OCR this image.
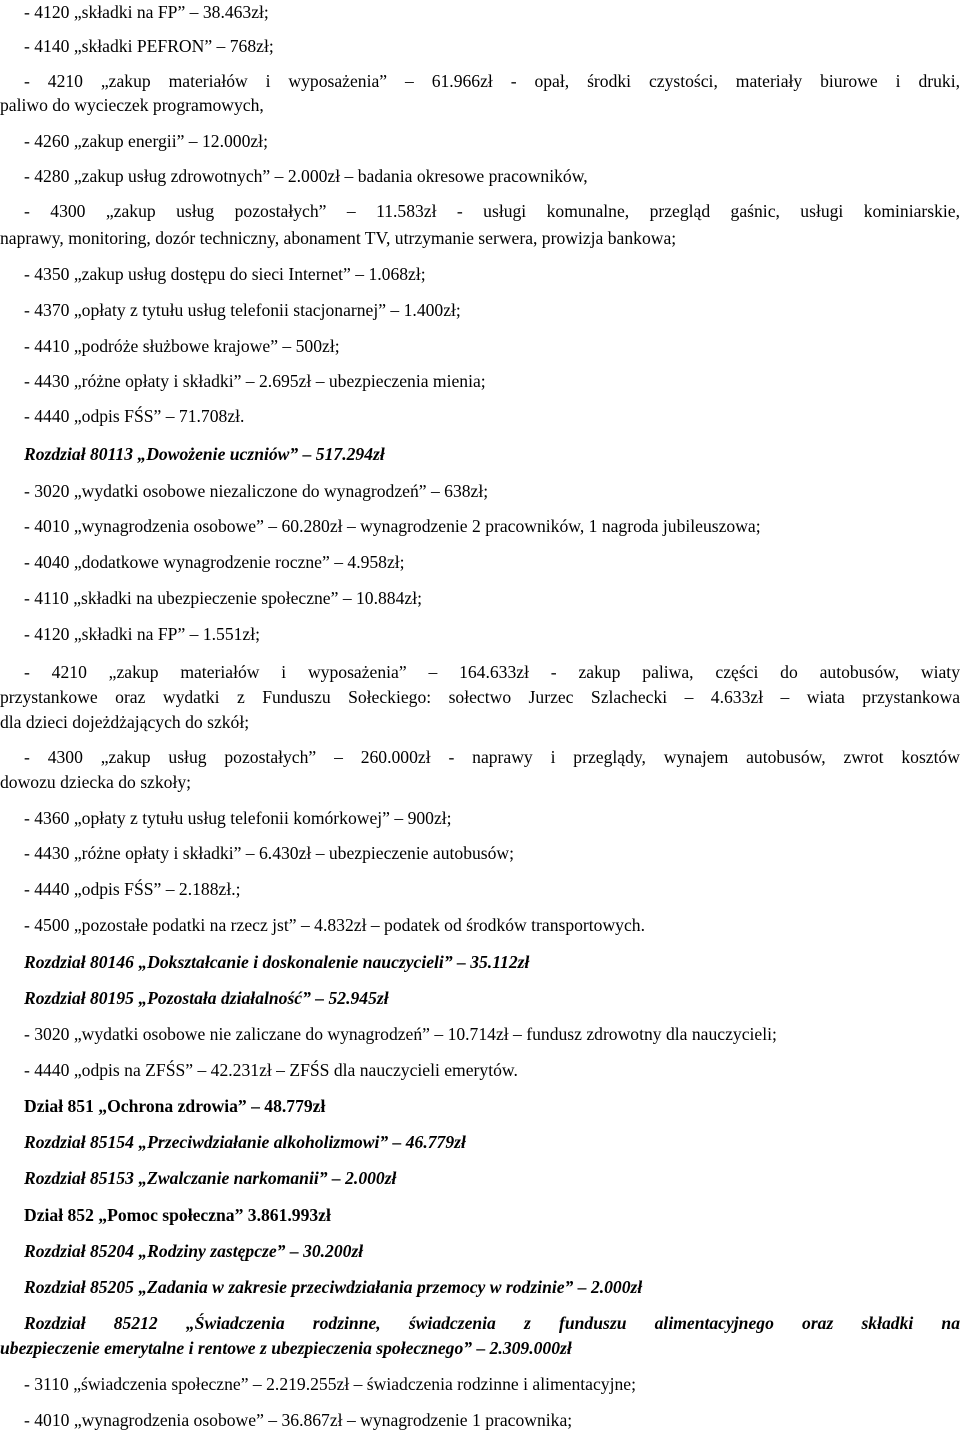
- 4120 „składki na FP” – 38.463zł;

- 4140 „składki PEFRON” – 768zł;

- 4210 „zakup materiałów i wyposażenia” – 61.966zł - opał, środki czystości, materiały biurowe i druki,

paliwo do wycieczek programowych,

- 4260 „zakup energii” – 12.000zł;

- 4280 „zakup usług zdrowotnych” – 2.000zł – badania okresowe pracowników,

- 4300 „zakup usług pozostałych” – 11.583zł - usługi komunalne, przegląd gaśnic, usługi kominiarskie,

naprawy, monitoring, dozór techniczny, abonament TV, utrzymanie serwera, prowizja bankowa;

- 4350 „zakup usług dostępu do sieci Internet” – 1.068zł;

- 4370 „opłaty z tytułu usług telefonii stacjonarnej” – 1.400zł;

- 4410 „podróże służbowe krajowe” – 500zł;

- 4430 „różne opłaty i składki” – 2.695zł – ubezpieczenia mienia;

- 4440 „odpis FŚS” – 71.708zł.

Rozdział 80113 „Dowożenie uczniów” – 517.294zł

- 3020 „wydatki osobowe niezaliczone do wynagrodzeń” – 638zł;

- 4010 „wynagrodzenia osobowe” – 60.280zł – wynagrodzenie 2 pracowników, 1 nagroda jubileuszowa;

- 4040 „dodatkowe wynagrodzenie roczne” – 4.958zł;

- 4110 „składki na ubezpieczenie społeczne” – 10.884zł;

- 4120 „składki na FP” – 1.551zł;

- 4210 „zakup materiałów i wyposażenia” – 164.633zł - zakup paliwa, części do autobusów, wiaty

przystankowe oraz wydatki z Funduszu Sołeckiego: sołectwo Jurzec Szlachecki – 4.633zł – wiata przystankowa

dla dzieci dojeżdżających do szkół;

- 4300 „zakup usług pozostałych” – 260.000zł - naprawy i przeglądy, wynajem autobusów, zwrot kosztów

dowozu dziecka do szkoły;

- 4360 „opłaty z tytułu usług telefonii komórkowej” – 900zł;

- 4430 „różne opłaty i składki” – 6.430zł – ubezpieczenie autobusów;

- 4440 „odpis FŚS” – 2.188zł.;

- 4500 „pozostałe podatki na rzecz jst” – 4.832zł – podatek od środków transportowych.

Rozdział 80146 „Dokształcanie i doskonalenie nauczycieli” – 35.112zł

Rozdział 80195 „Pozostała działalność” – 52.945zł

- 3020 „wydatki osobowe nie zaliczane do wynagrodzeń” – 10.714zł – fundusz zdrowotny dla nauczycieli;

- 4440 „odpis na ZFŚS” – 42.231zł – ZFŚS dla nauczycieli emerytów.

Dział 851 „Ochrona zdrowia” – 48.779zł

Rozdział 85154 „Przeciwdziałanie alkoholizmowi” – 46.779zł

Rozdział 85153 „Zwalczanie narkomanii” – 2.000zł

Dział 852 „Pomoc społeczna” 3.861.993zł

Rozdział 85204 „Rodziny zastępcze” – 30.200zł

Rozdział 85205 „Zadania w zakresie przeciwdziałania przemocy w rodzinie” – 2.000zł

Rozdział 85212 „Świadczenia rodzinne, świadczenia z funduszu alimentacyjnego oraz składki na

ubezpieczenie emerytalne i rentowe z ubezpieczenia społecznego” – 2.309.000zł

- 3110 „świadczenia społeczne” – 2.219.255zł – świadczenia rodzinne i alimentacyjne;

- 4010 „wynagrodzenia osobowe” – 36.867zł – wynagrodzenie 1 pracownika;
